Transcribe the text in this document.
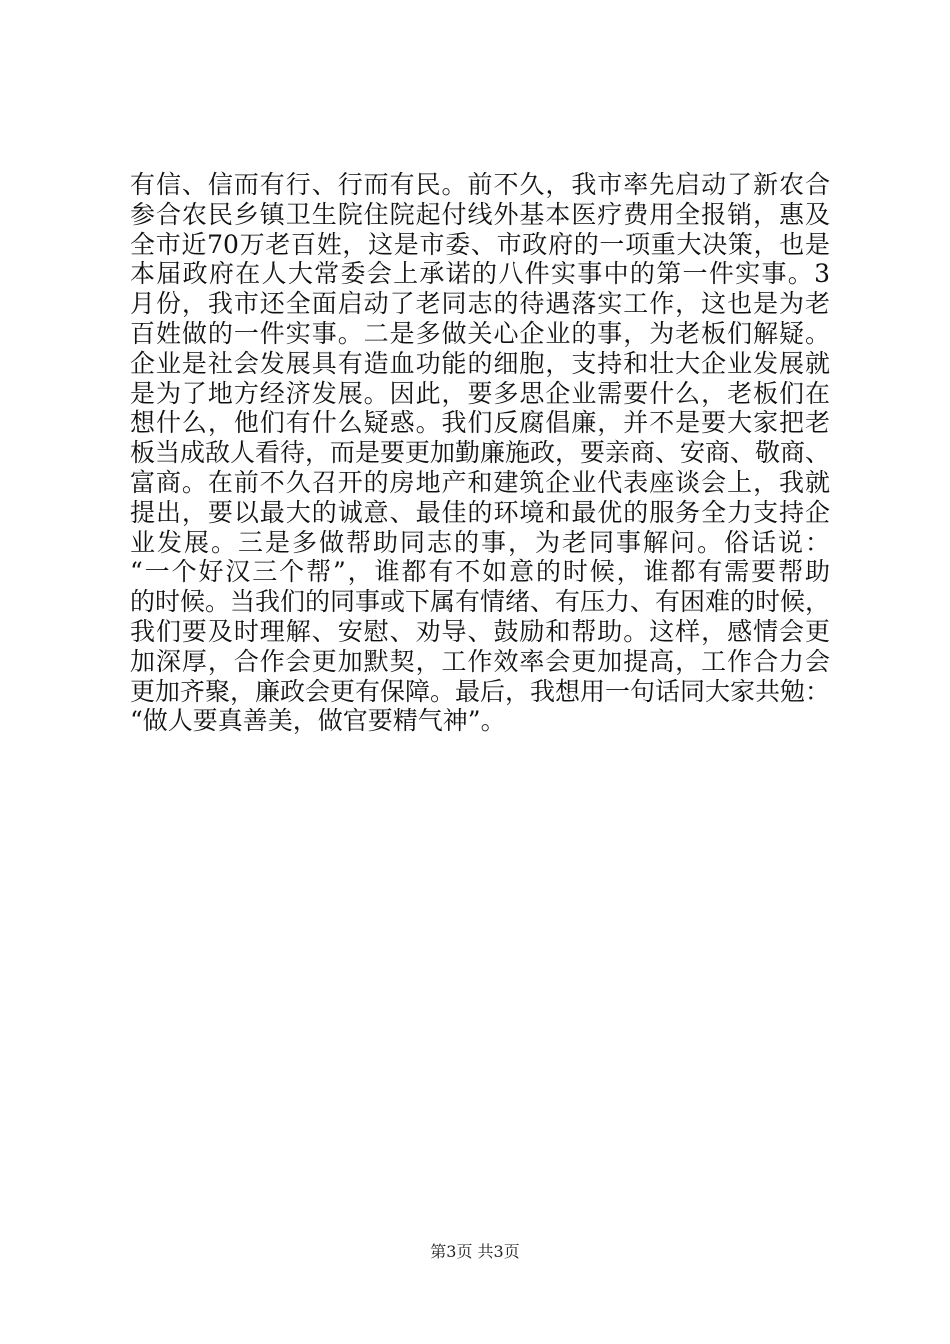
有信、信而有行、行而有民。前不久，我市率先启动了新农合
参合农民乡镇卫生院住院起付线外基本医疗费用全报销，惠及
全市近70万老百姓，这是市委、市政府的一项重大决策，也是
本届政府在人大常委会上承诺的八件实事中的第一件实事。3
月份，我市还全面启动了老同志的待遇落实工作，这也是为老
百姓做的一件实事。二是多做关心企业的事，为老板们解疑。
企业是社会发展具有造血功能的细胞，支持和壮大企业发展就
是为了地方经济发展。因此，要多思企业需要什么，老板们在
想什么，他们有什么疑惑。我们反腐倡廉，并不是要大家把老
板当成敌人看待，而是要更加勤廉施政，要亲商、安商、敬商、
富商。在前不久召开的房地产和建筑企业代表座谈会上，我就
提出，要以最大的诚意、最佳的环境和最优的服务全力支持企
业发展。三是多做帮助同志的事，为老同事解问。俗话说：
“一个好汉三个帮”，谁都有不如意的时候，谁都有需要帮助
的时候。当我们的同事或下属有情绪、有压力、有困难的时候，
我们要及时理解、安慰、劝导、鼓励和帮助。这样，感情会更
加深厚，合作会更加默契，工作效率会更加提高，工作合力会
更加齐聚，廉政会更有保障。最后，我想用一句话同大家共勉：
“做人要真善美，做官要精气神”。
第3页 共3页
